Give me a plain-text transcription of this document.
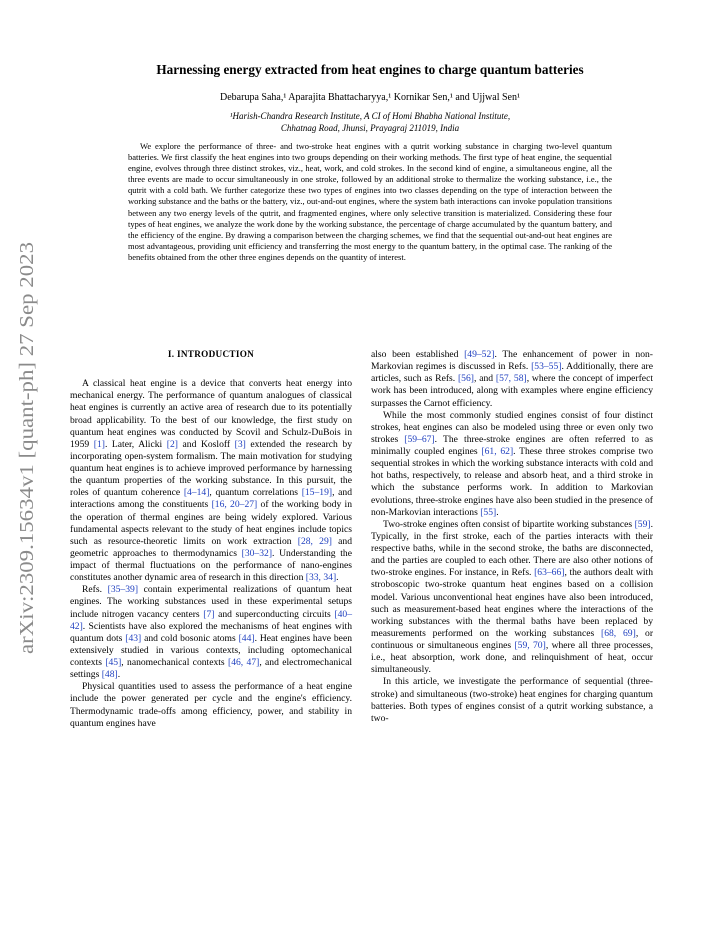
arXiv:2309.15634v1 [quant-ph] 27 Sep 2023
Harnessing energy extracted from heat engines to charge quantum batteries
Debarupa Saha,¹ Aparajita Bhattacharyya,¹ Kornikar Sen,¹ and Ujjwal Sen¹
¹Harish-Chandra Research Institute, A CI of Homi Bhabha National Institute,
Chhatnag Road, Jhunsi, Prayagraj 211019, India
We explore the performance of three- and two-stroke heat engines with a qutrit working substance in charging two-level quantum batteries. We first classify the heat engines into two groups depending on their working methods. The first type of heat engine, the sequential engine, evolves through three distinct strokes, viz., heat, work, and cold strokes. In the second kind of engine, a simultaneous engine, all the three events are made to occur simultaneously in one stroke, followed by an additional stroke to thermalize the working substance, i.e., the qutrit with a cold bath. We further categorize these two types of engines into two classes depending on the type of interaction between the working substance and the baths or the battery, viz., out-and-out engines, where the system bath interactions can invoke population transitions between any two energy levels of the qutrit, and fragmented engines, where only selective transition is materialized. Considering these four types of heat engines, we analyze the work done by the working substance, the percentage of charge accumulated by the quantum battery, and the efficiency of the engine. By drawing a comparison between the charging schemes, we find that the sequential out-and-out heat engines are most advantageous, providing unit efficiency and transferring the most energy to the quantum battery, in the optimal case. The ranking of the benefits obtained from the other three engines depends on the quantity of interest.
I. INTRODUCTION

A classical heat engine is a device that converts heat energy into mechanical energy. The performance of quantum analogues of classical heat engines is currently an active area of research due to its potentially broad applicability. To the best of our knowledge, the first study on quantum heat engines was conducted by Scovil and Schulz-DuBois in 1959 [1]. Later, Alicki [2] and Kosloff [3] extended the research by incorporating open-system formalism. The main motivation for studying quantum heat engines is to achieve improved performance by harnessing the quantum properties of the working substance. In this pursuit, the roles of quantum coherence [4–14], quantum correlations [15–19], and interactions among the constituents [16, 20–27] of the working body in the operation of thermal engines are being widely explored. Various fundamental aspects relevant to the study of heat engines include topics such as resource-theoretic limits on work extraction [28, 29] and geometric approaches to thermodynamics [30–32]. Understanding the impact of thermal fluctuations on the performance of nano-engines constitutes another dynamic area of research in this direction [33, 34].

Refs. [35–39] contain experimental realizations of quantum heat engines. The working substances used in these experimental setups include nitrogen vacancy centers [7] and superconducting circuits [40–42]. Scientists have also explored the mechanisms of heat engines with quantum dots [43] and cold bosonic atoms [44]. Heat engines have been extensively studied in various contexts, including optomechanical contexts [45], nanomechanical contexts [46, 47], and electromechanical settings [48].

Physical quantities used to assess the performance of a heat engine include the power generated per cycle and the engine's efficiency. Thermodynamic trade-offs among efficiency, power, and stability in quantum engines have

also been established [49–52]. The enhancement of power in non-Markovian regimes is discussed in Refs. [53–55]. Additionally, there are articles, such as Refs. [56], and [57, 58], where the concept of imperfect work has been introduced, along with examples where engine efficiency surpasses the Carnot efficiency.

While the most commonly studied engines consist of four distinct strokes, heat engines can also be modeled using three or even only two strokes [59–67]. The three-stroke engines are often referred to as minimally coupled engines [61, 62]. These three strokes comprise two sequential strokes in which the working substance interacts with cold and hot baths, respectively, to release and absorb heat, and a third stroke in which the substance performs work. In addition to Markovian evolutions, three-stroke engines have also been studied in the presence of non-Markovian interactions [55].

Two-stroke engines often consist of bipartite working substances [59]. Typically, in the first stroke, each of the parties interacts with their respective baths, while in the second stroke, the baths are disconnected, and the parties are coupled to each other. There are also other notions of two-stroke engines. For instance, in Refs. [63–66], the authors dealt with stroboscopic two-stroke quantum heat engines based on a collision model. Various unconventional heat engines have also been introduced, such as measurement-based heat engines where the interactions of the working substances with the thermal baths have been replaced by measurements performed on the working substances [68, 69], or continuous or simultaneous engines [59, 70], where all three processes, i.e., heat absorption, work done, and relinquishment of heat, occur simultaneously.

In this article, we investigate the performance of sequential (three-stroke) and simultaneous (two-stroke) heat engines for charging quantum batteries. Both types of engines consist of a qutrit working substance, a two-
